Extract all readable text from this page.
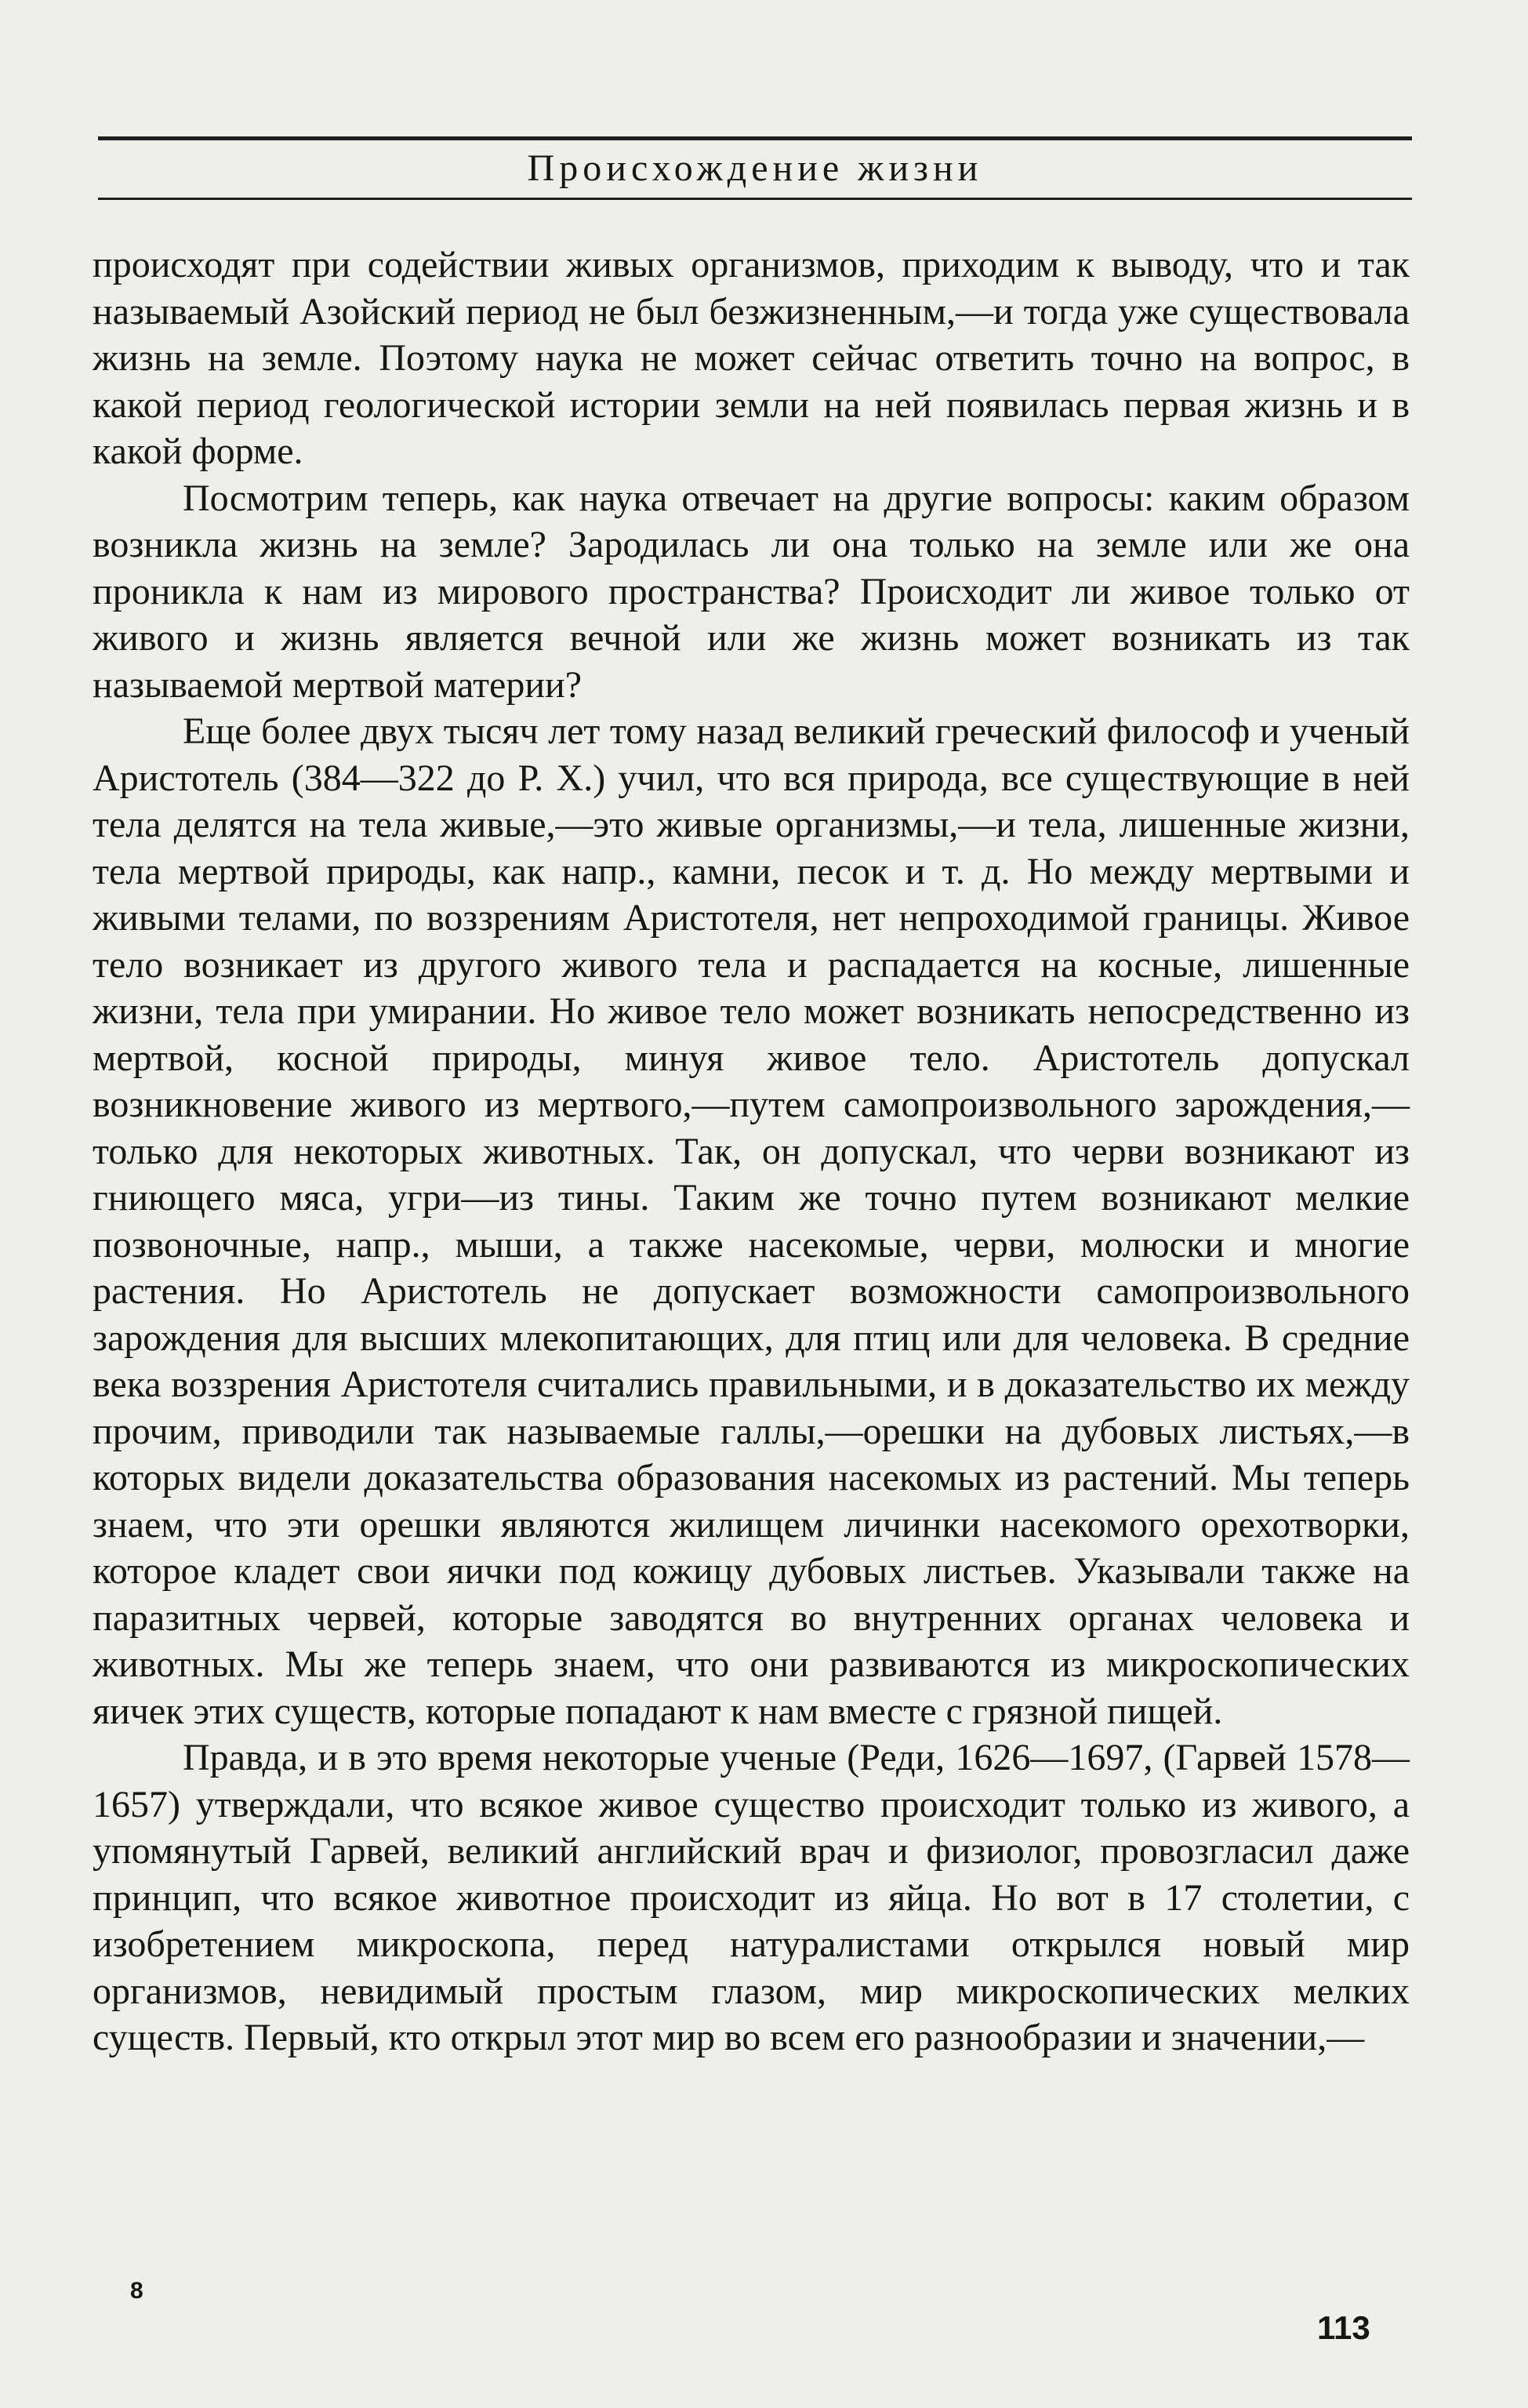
Происхождение жизни

происходят при содействии живых организмов, приходим к выводу, что и так называемый Азойский период не был безжизненным,—и тогда уже существовала жизнь на земле. Поэтому наука не может сейчас ответить точно на вопрос, в какой период геологической истории земли на ней появилась первая жизнь и в какой форме.

Посмотрим теперь, как наука отвечает на другие вопросы: каким образом возникла жизнь на земле? Зародилась ли она только на земле или же она проникла к нам из мирового пространства? Происходит ли живое только от живого и жизнь является вечной или же жизнь может возникать из так называемой мертвой материи?

Еще более двух тысяч лет тому назад великий греческий философ и ученый Аристотель (384—322 до Р. Х.) учил, что вся природа, все существующие в ней тела делятся на тела живые,—это живые организмы,—и тела, лишенные жизни, тела мертвой природы, как напр., камни, песок и т. д. Но между мертвыми и живыми телами, по воззрениям Аристотеля, нет непроходимой границы. Живое тело возникает из другого живого тела и распадается на косные, лишенные жизни, тела при умирании. Но живое тело может возникать непосредственно из мертвой, косной природы, минуя живое тело. Аристотель допускал возникновение живого из мертвого,—путем самопроизвольного зарождения,—только для некоторых животных. Так, он допускал, что черви возникают из гниющего мяса, угри—из тины. Таким же точно путем возникают мелкие позвоночные, напр., мыши, а также насекомые, черви, молюски и многие растения. Но Аристотель не допускает возможности самопроизвольного зарождения для высших млекопитающих, для птиц или для человека. В средние века воззрения Аристотеля считались правильными, и в доказательство их между прочим, приводили так называемые галлы,—орешки на дубовых листьях,—в которых видели доказательства образования насекомых из растений. Мы теперь знаем, что эти орешки являются жилищем личинки насекомого орехотворки, которое кладет свои яички под кожицу дубовых листьев. Указывали также на паразитных червей, которые заводятся во внутренних органах человека и животных. Мы же теперь знаем, что они развиваются из микроскопических яичек этих существ, которые попадают к нам вместе с грязной пищей.

Правда, и в это время некоторые ученые (Реди, 1626—1697, (Гарвей 1578—1657) утверждали, что всякое живое существо происходит только из живого, а упомянутый Гарвей, великий английский врач и физиолог, провозгласил даже принцип, что всякое животное происходит из яйца. Но вот в 17 столетии, с изобретением микроскопа, перед натуралистами открылся новый мир организмов, невидимый простым глазом, мир микроскопических мелких существ. Первый, кто открыл этот мир во всем его разнообразии и значении,—

8
113
